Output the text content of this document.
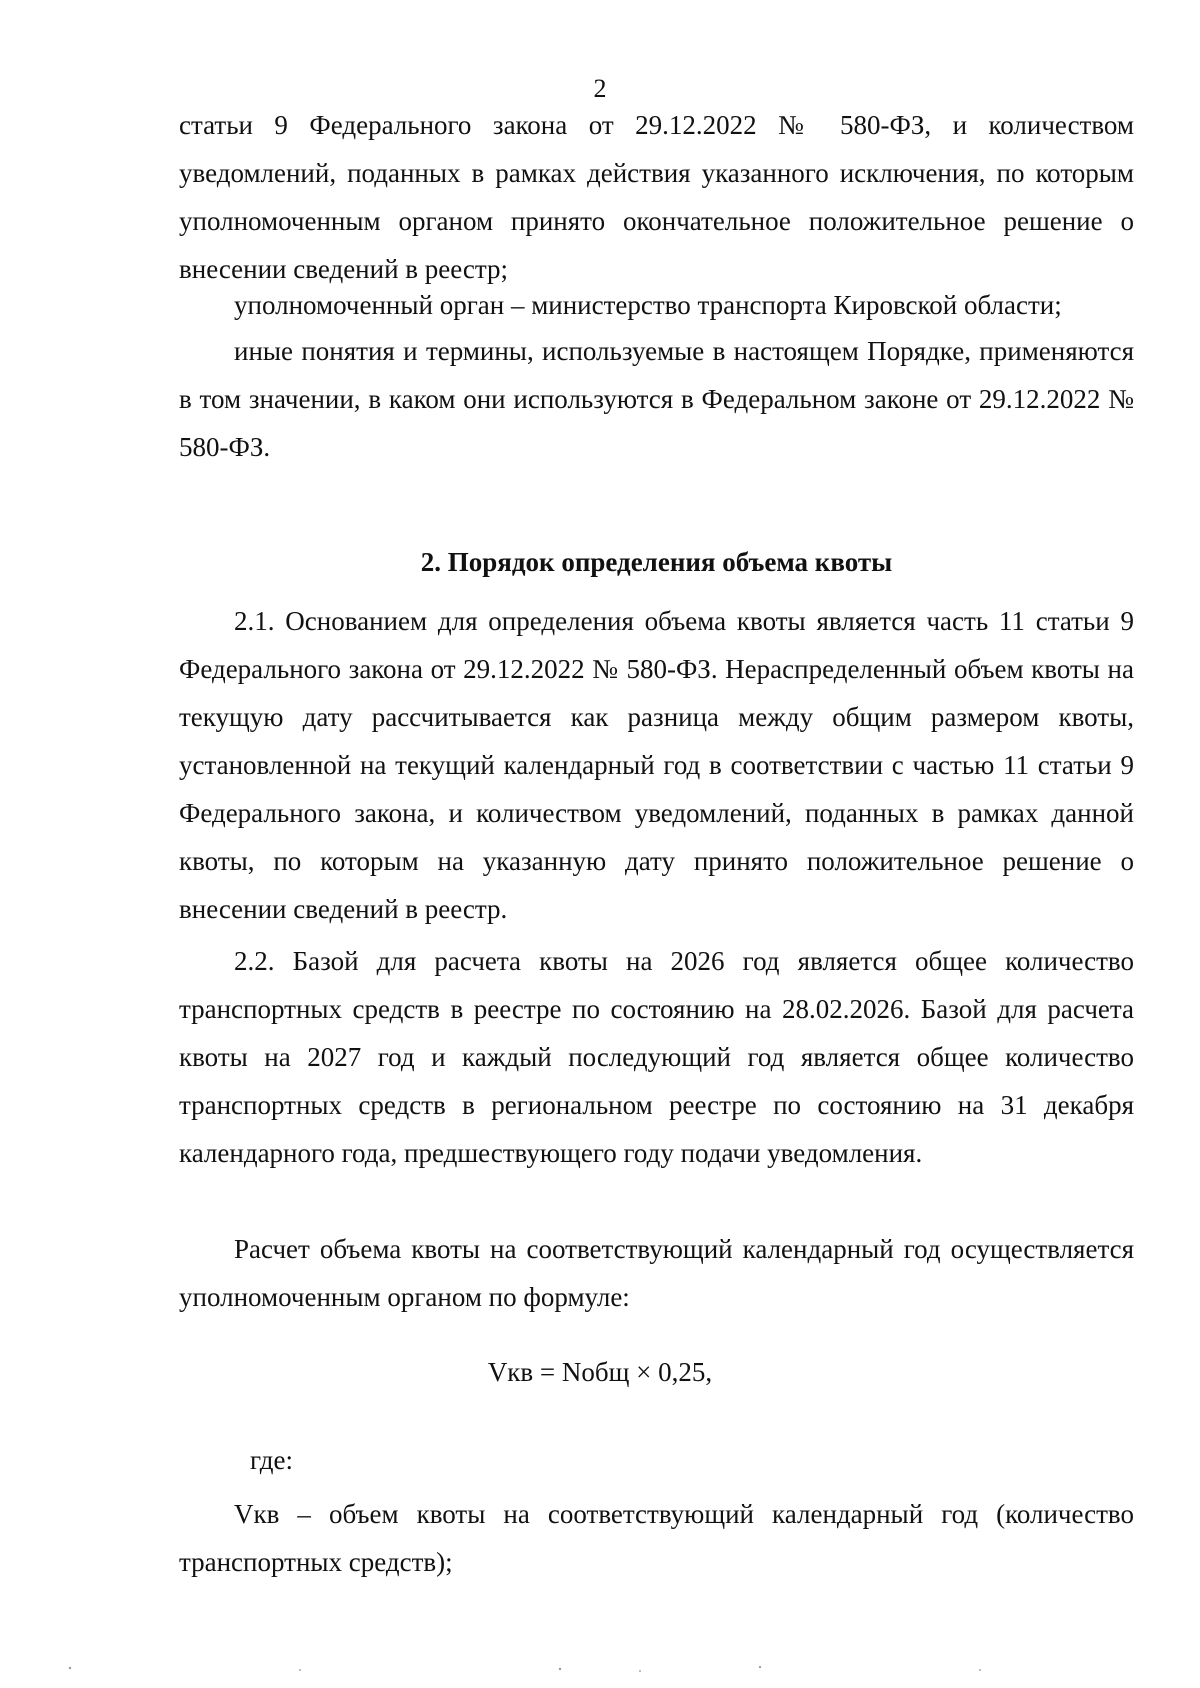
2
статьи 9 Федерального закона от 29.12.2022 № 580-ФЗ, и количеством уведомлений, поданных в рамках действия указанного исключения, по которым уполномоченным органом принято окончательное положительное решение о внесении сведений в реестр;
уполномоченный орган – министерство транспорта Кировской области;
иные понятия и термины, используемые в настоящем Порядке, применяются в том значении, в каком они используются в Федеральном законе от 29.12.2022 № 580-ФЗ.
2. Порядок определения объема квоты
2.1. Основанием для определения объема квоты является часть 11 статьи 9 Федерального закона от 29.12.2022 № 580-ФЗ. Нераспределенный объем квоты на текущую дату рассчитывается как разница между общим размером квоты, установленной на текущий календарный год в соответствии с частью 11 статьи 9 Федерального закона, и количеством уведомлений, поданных в рамках данной квоты, по которым на указанную дату принято положительное решение о внесении сведений в реестр.
2.2. Базой для расчета квоты на 2026 год является общее количество транспортных средств в реестре по состоянию на 28.02.2026. Базой для расчета квоты на 2027 год и каждый последующий год является общее количество транспортных средств в региональном реестре по состоянию на 31 декабря календарного года, предшествующего году подачи уведомления.
Расчет объема квоты на соответствующий календарный год осуществляется уполномоченным органом по формуле:
Vкв = Nобщ × 0,25,
где:
Vкв – объем квоты на соответствующий календарный год (количество транспортных средств);
